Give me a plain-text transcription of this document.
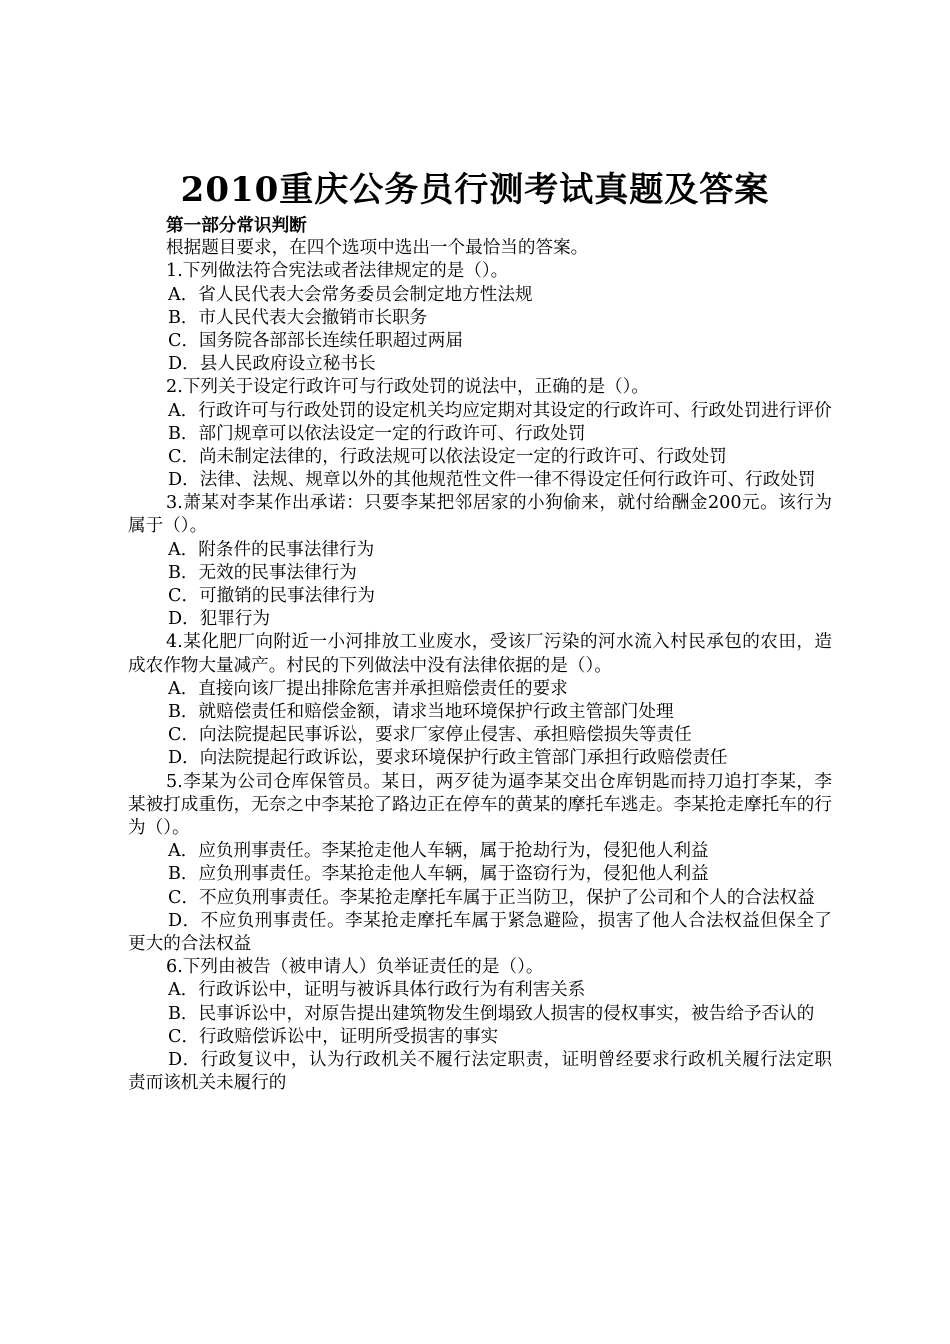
2010重庆公务员行测考试真题及答案
第一部分常识判断
根据题目要求，在四个选项中选出一个最恰当的答案。
1.下列做法符合宪法或者法律规定的是（）。
A．省人民代表大会常务委员会制定地方性法规
B．市人民代表大会撤销市长职务
C．国务院各部部长连续任职超过两届
D．县人民政府设立秘书长
2.下列关于设定行政许可与行政处罚的说法中，正确的是（）。
A．行政许可与行政处罚的设定机关均应定期对其设定的行政许可、行政处罚进行评价
B．部门规章可以依法设定一定的行政许可、行政处罚
C．尚未制定法律的，行政法规可以依法设定一定的行政许可、行政处罚
D．法律、法规、规章以外的其他规范性文件一律不得设定任何行政许可、行政处罚
3.萧某对李某作出承诺：只要李某把邻居家的小狗偷来，就付给酬金200元。该行为属于（）。
A．附条件的民事法律行为
B．无效的民事法律行为
C．可撤销的民事法律行为
D．犯罪行为
4.某化肥厂向附近一小河排放工业废水，受该厂污染的河水流入村民承包的农田，造成农作物大量减产。村民的下列做法中没有法律依据的是（）。
A．直接向该厂提出排除危害并承担赔偿责任的要求
B．就赔偿责任和赔偿金额，请求当地环境保护行政主管部门处理
C．向法院提起民事诉讼，要求厂家停止侵害、承担赔偿损失等责任
D．向法院提起行政诉讼，要求环境保护行政主管部门承担行政赔偿责任
5.李某为公司仓库保管员。某日，两歹徒为逼李某交出仓库钥匙而持刀追打李某，李某被打成重伤，无奈之中李某抢了路边正在停车的黄某的摩托车逃走。李某抢走摩托车的行为（）。
A．应负刑事责任。李某抢走他人车辆，属于抢劫行为，侵犯他人利益
B．应负刑事责任。李某抢走他人车辆，属于盗窃行为，侵犯他人利益
C．不应负刑事责任。李某抢走摩托车属于正当防卫，保护了公司和个人的合法权益
D．不应负刑事责任。李某抢走摩托车属于紧急避险，损害了他人合法权益但保全了更大的合法权益
6.下列由被告（被申请人）负举证责任的是（）。
A．行政诉讼中，证明与被诉具体行政行为有利害关系
B．民事诉讼中，对原告提出建筑物发生倒塌致人损害的侵权事实，被告给予否认的
C．行政赔偿诉讼中，证明所受损害的事实
D．行政复议中，认为行政机关不履行法定职责，证明曾经要求行政机关履行法定职责而该机关未履行的
